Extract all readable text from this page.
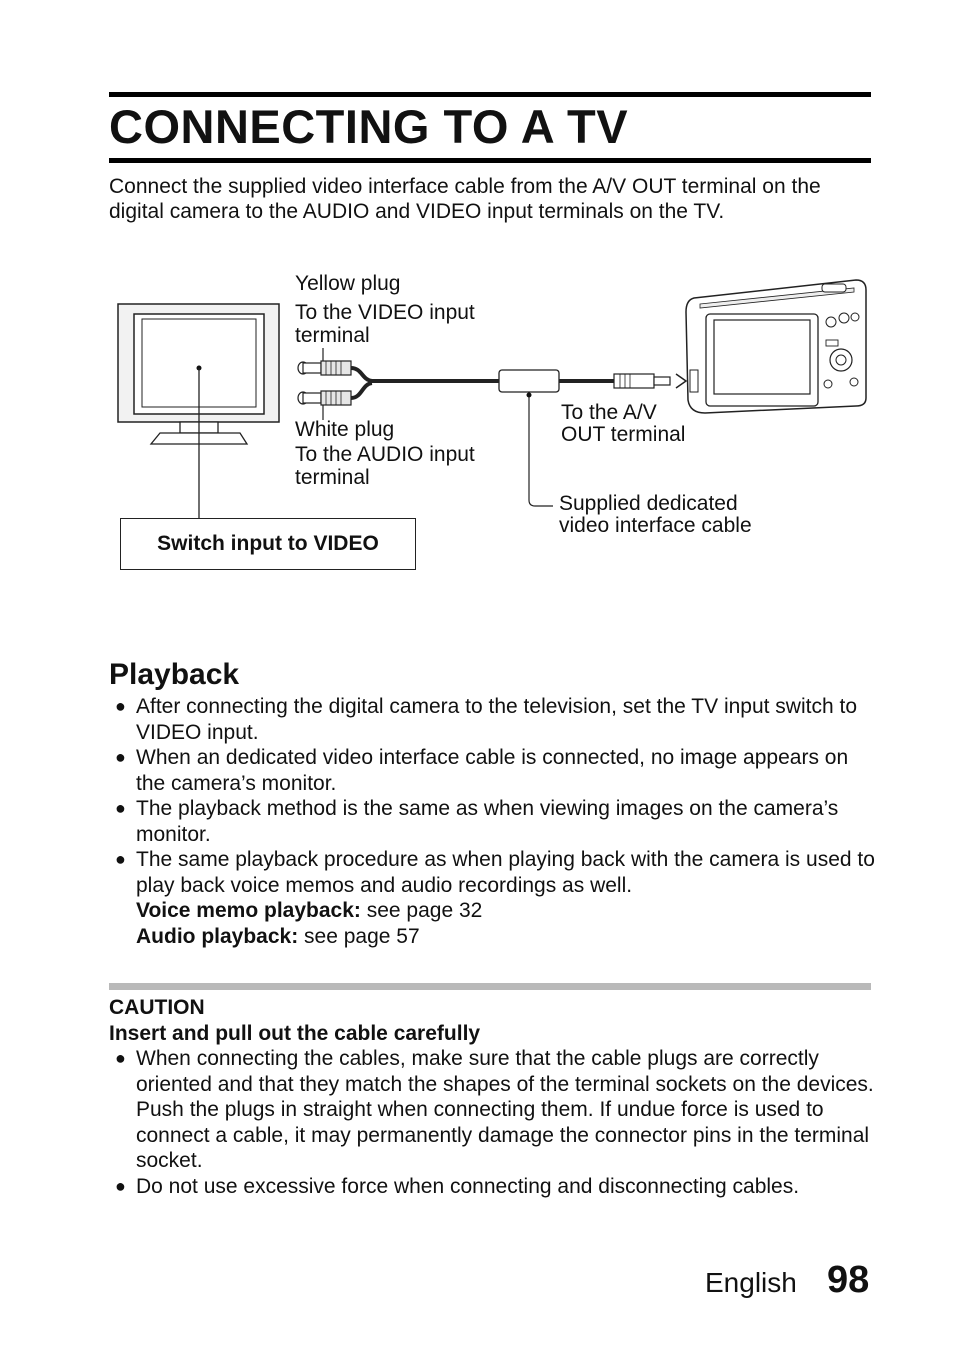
CONNECTING TO A TV

Connect the supplied video interface cable from the A/V OUT terminal on the digital camera to the AUDIO and VIDEO input terminals on the TV.

Yellow plug
To the VIDEO input
terminal
White plug
To the AUDIO input
terminal
To the A/V
OUT terminal
Supplied dedicated
video interface cable
Switch input to VIDEO
Playback
● After connecting the digital camera to the television, set the TV input switch to VIDEO input.
● When an dedicated video interface cable is connected, no image appears on the camera’s monitor.
● The playback method is the same as when viewing images on the camera’s monitor.
● The same playback procedure as when playing back with the camera is used to play back voice memos and audio recordings as well.
Voice memo playback: see page 32
Audio playback: see page 57
CAUTION
Insert and pull out the cable carefully
● When connecting the cables, make sure that the cable plugs are correctly oriented and that they match the shapes of the terminal sockets on the devices. Push the plugs in straight when connecting them. If undue force is used to connect a cable, it may permanently damage the connector pins in the terminal socket.
● Do not use excessive force when connecting and disconnecting cables.
English 98
